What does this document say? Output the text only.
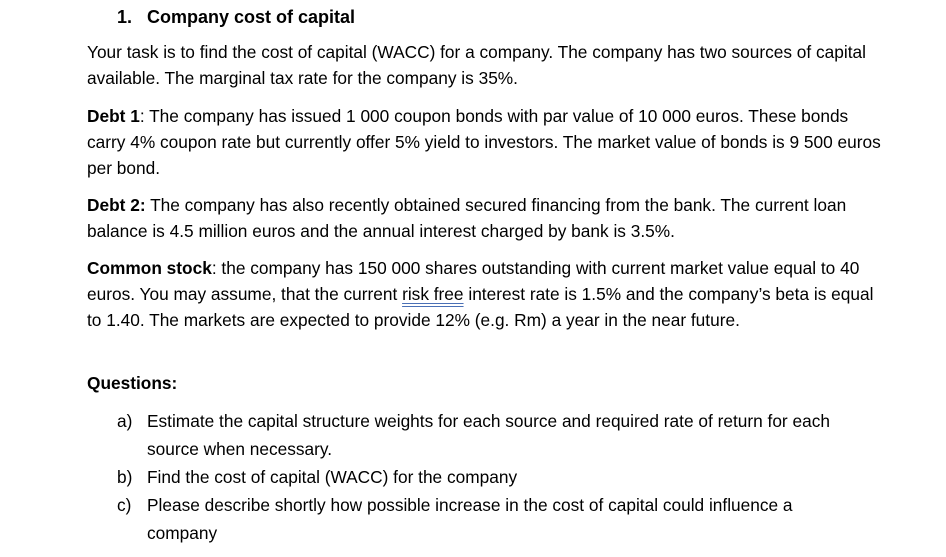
1. Company cost of capital
Your task is to find the cost of capital (WACC) for a company. The company has two sources of capital available. The marginal tax rate for the company is 35%.
Debt 1: The company has issued 1 000 coupon bonds with par value of 10 000 euros. These bonds carry 4% coupon rate but currently offer 5% yield to investors. The market value of bonds is 9 500 euros per bond.
Debt 2: The company has also recently obtained secured financing from the bank. The current loan balance is 4.5 million euros and the annual interest charged by bank is 3.5%.
Common stock: the company has 150 000 shares outstanding with current market value equal to 40 euros. You may assume, that the current risk free interest rate is 1.5% and the company’s beta is equal to 1.40. The markets are expected to provide 12% (e.g. Rm) a year in the near future.
Questions:
a) Estimate the capital structure weights for each source and required rate of return for each source when necessary.
b) Find the cost of capital (WACC) for the company
c) Please describe shortly how possible increase in the cost of capital could influence a company
